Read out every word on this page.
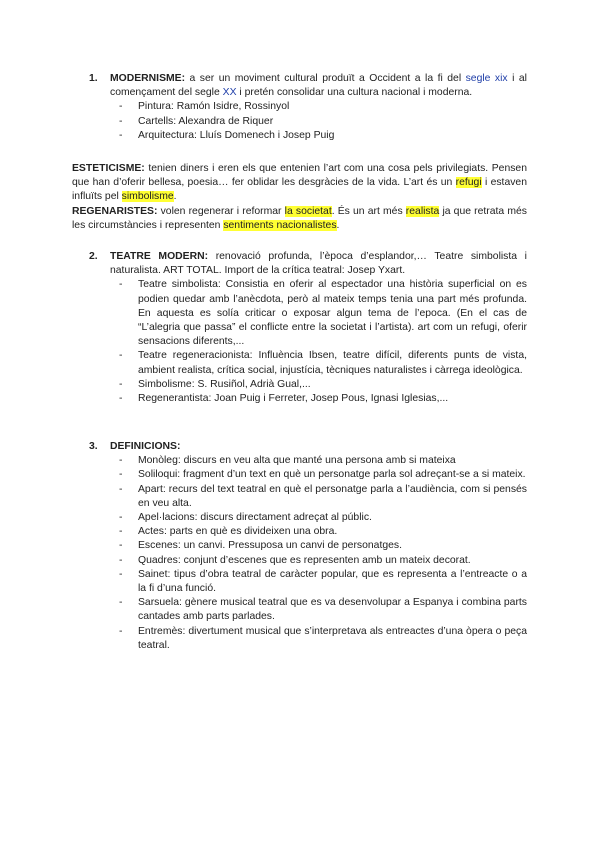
1. MODERNISME: a ser un moviment cultural produït a Occident a la fi del segle xix i al començament del segle XX i pretén consolidar una cultura nacional i moderna.
- Pintura: Ramón Isidre, Rossinyol
- Cartells: Alexandra de Riquer
- Arquitectura: Lluís Domenech i Josep Puig
ESTETICISME: tenien diners i eren els que entenien l’art com una cosa pels privilegiats. Pensen que han d’oferir bellesa, poesia… fer oblidar les desgràcies de la vida. L’art és un refugi i estaven influïts pel simbolisme.
REGENARISTES: volen regenerar i reformar la societat. És un art més realista ja que retrata més les circumstàncies i representen sentiments nacionalistes.
2. TEATRE MODERN: renovació profunda, l’època d’esplandor,… Teatre simbolista i naturalista. ART TOTAL. Import de la crítica teatral: Josep Yxart.
- Teatre simbolista: Consistia en oferir al espectador una història superficial on es podien quedar amb l’anècdota, però al mateix temps tenia una part més profunda. En aquesta es solía criticar o exposar algun tema de l’epoca. (En el cas de “L’alegria que passa” el conflicte entre la societat i l’artista). art com un refugi, oferir sensacions diferents,...
- Teatre regeneracionista: Influència Ibsen, teatre difícil, diferents punts de vista, ambient realista, crítica social, injustícia, tècniques naturalistes i càrrega ideològica.
- Simbolisme: S. Rusiñol, Adrià Gual,...
- Regenerantista: Joan Puig i Ferreter, Josep Pous, Ignasi Iglesias,...
3. DEFINICIONS:
- Monòleg: discurs en veu alta que manté una persona amb si mateixa
- Soliloqui: fragment d’un text en què un personatge parla sol adreçant-se a si mateix.
- Apart: recurs del text teatral en què el personatge parla a l’audiència, com si pensés en veu alta.
- Apel·lacions: discurs directament adreçat al públic.
- Actes: parts en què es divideixen una obra.
- Escenes: un canvi. Pressuposa un canvi de personatges.
- Quadres: conjunt d’escenes que es representen amb un mateix decorat.
- Sainet: tipus d’obra teatral de caràcter popular, que es representa a l’entreacte o a la fi d’una funció.
- Sarsuela: gènere musical teatral que es va desenvolupar a Espanya i combina parts cantades amb parts parlades.
- Entremès: divertument musical que s’interpretava als entreactes d’una òpera o peça teatral.
